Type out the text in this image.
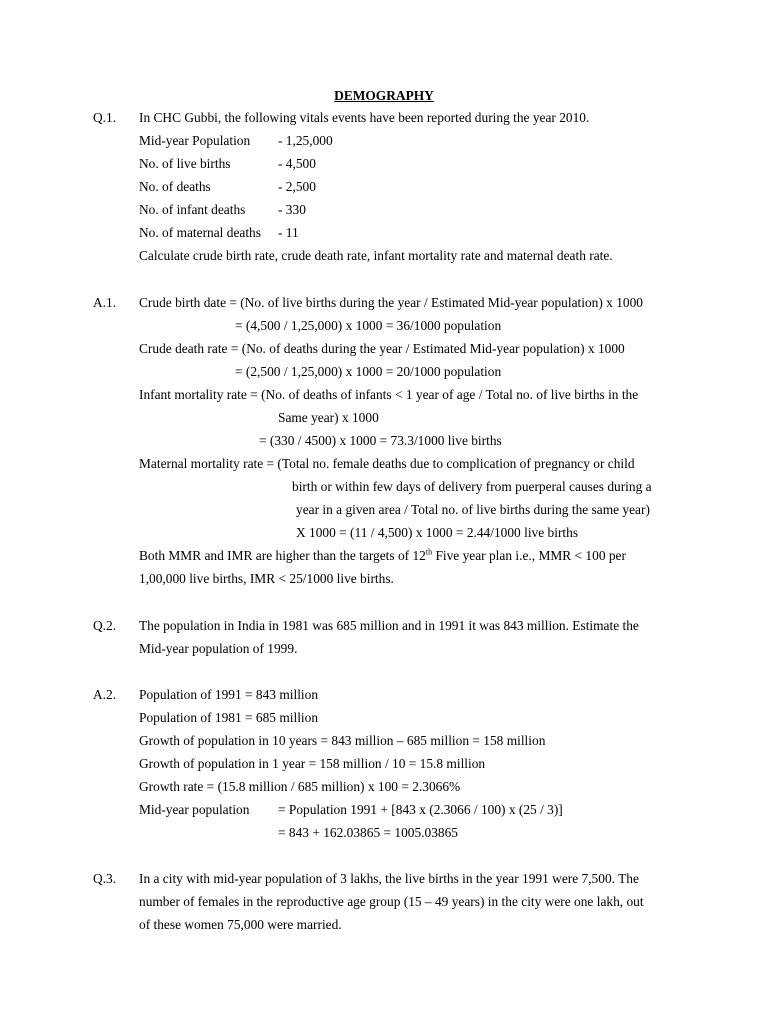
DEMOGRAPHY
Q.1. In CHC Gubbi, the following vitals events have been reported during the year 2010.
Mid-year Population - 1,25,000
No. of live births	- 4,500
No. of deaths	- 2,500
No. of infant deaths - 330
No. of maternal deaths - 11
Calculate crude birth rate, crude death rate, infant mortality rate and maternal death rate.
A.1. Crude birth date = (No. of live births during the year / Estimated Mid-year population) x 1000
= (4,500 / 1,25,000) x 1000 = 36/1000 population
Crude death rate = (No. of deaths during the year / Estimated Mid-year population) x 1000
= (2,500 / 1,25,000) x 1000 = 20/1000 population
Infant mortality rate = (No. of deaths of infants < 1 year of age / Total no. of live births in the
Same year) x 1000
= (330 / 4500) x 1000 = 73.3/1000 live births
Maternal mortality rate = (Total no. female deaths due to complication of pregnancy or child
birth or within few days of delivery from puerperal causes during a
year in a given area / Total no. of live births during the same year)
X 1000 = (11 / 4,500) x 1000 = 2.44/1000 live births
Both MMR and IMR are higher than the targets of 12th Five year plan i.e., MMR < 100 per
1,00,000 live births, IMR < 25/1000 live births.
Q.2. The population in India in 1981 was 685 million and in 1991 it was 843 million. Estimate the
Mid-year population of 1999.
A.2. Population of 1991 = 843 million
Population of 1981 = 685 million
Growth of population in 10 years = 843 million – 685 million = 158 million
Growth of population in 1 year = 158 million / 10 = 15.8 million
Growth rate = (15.8 million / 685 million) x 100 = 2.3066%
Mid-year population = Population 1991 + [843 x (2.3066 / 100) x (25 / 3)]
= 843 + 162.03865 = 1005.03865
Q.3. In a city with mid-year population of 3 lakhs, the live births in the year 1991 were 7,500. The
number of females in the reproductive age group (15 – 49 years) in the city were one lakh, out
of these women 75,000 were married.
